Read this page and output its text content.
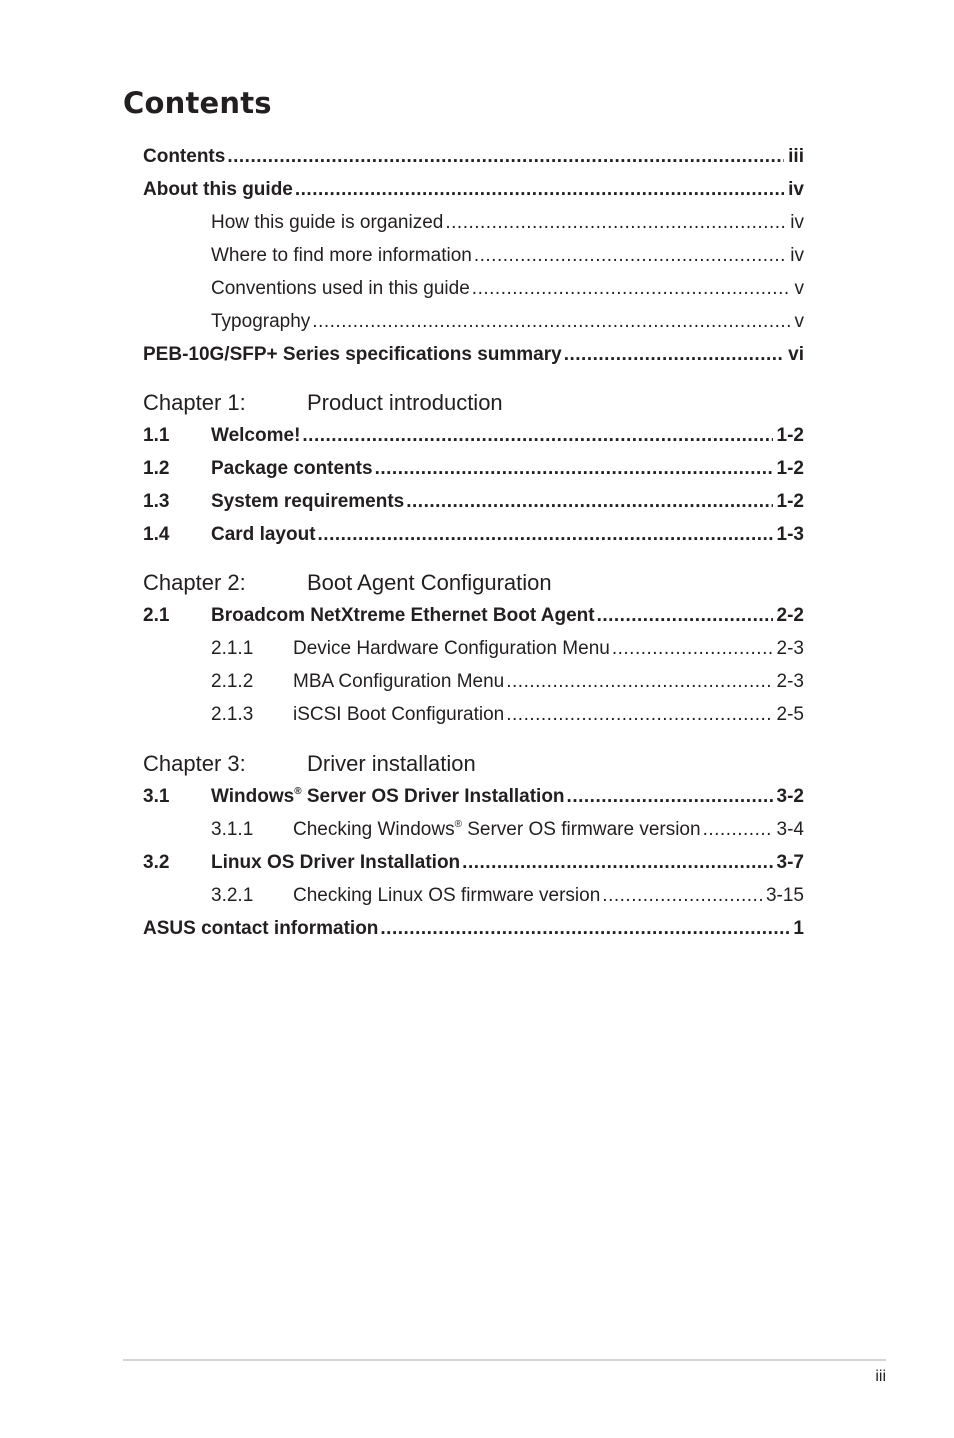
Contents
Contents .....	iii
About this guide .....	iv
How this guide is organized .....	iv
Where to find more information .....	iv
Conventions used in this guide .....	v
Typography .....	v
PEB-10G/SFP+ Series specifications summary .....	vi
Chapter 1:	Product introduction
1.1	Welcome! .....	1-2
1.2	Package contents .....	1-2
1.3	System requirements .....	1-2
1.4	Card layout .....	1-3
Chapter 2:	Boot Agent Configuration
2.1	Broadcom NetXtreme Ethernet Boot Agent .....	2-2
2.1.1	Device Hardware Configuration Menu .....	2-3
2.1.2	MBA Configuration Menu .....	2-3
2.1.3	iSCSI Boot Configuration .....	2-5
Chapter 3:	Driver installation
3.1	Windows® Server OS Driver Installation .....	3-2
3.1.1	Checking Windows® Server OS firmware version .....	3-4
3.2	Linux OS Driver Installation .....	3-7
3.2.1	Checking Linux OS firmware version .....	3-15
ASUS contact information .....	1
iii
